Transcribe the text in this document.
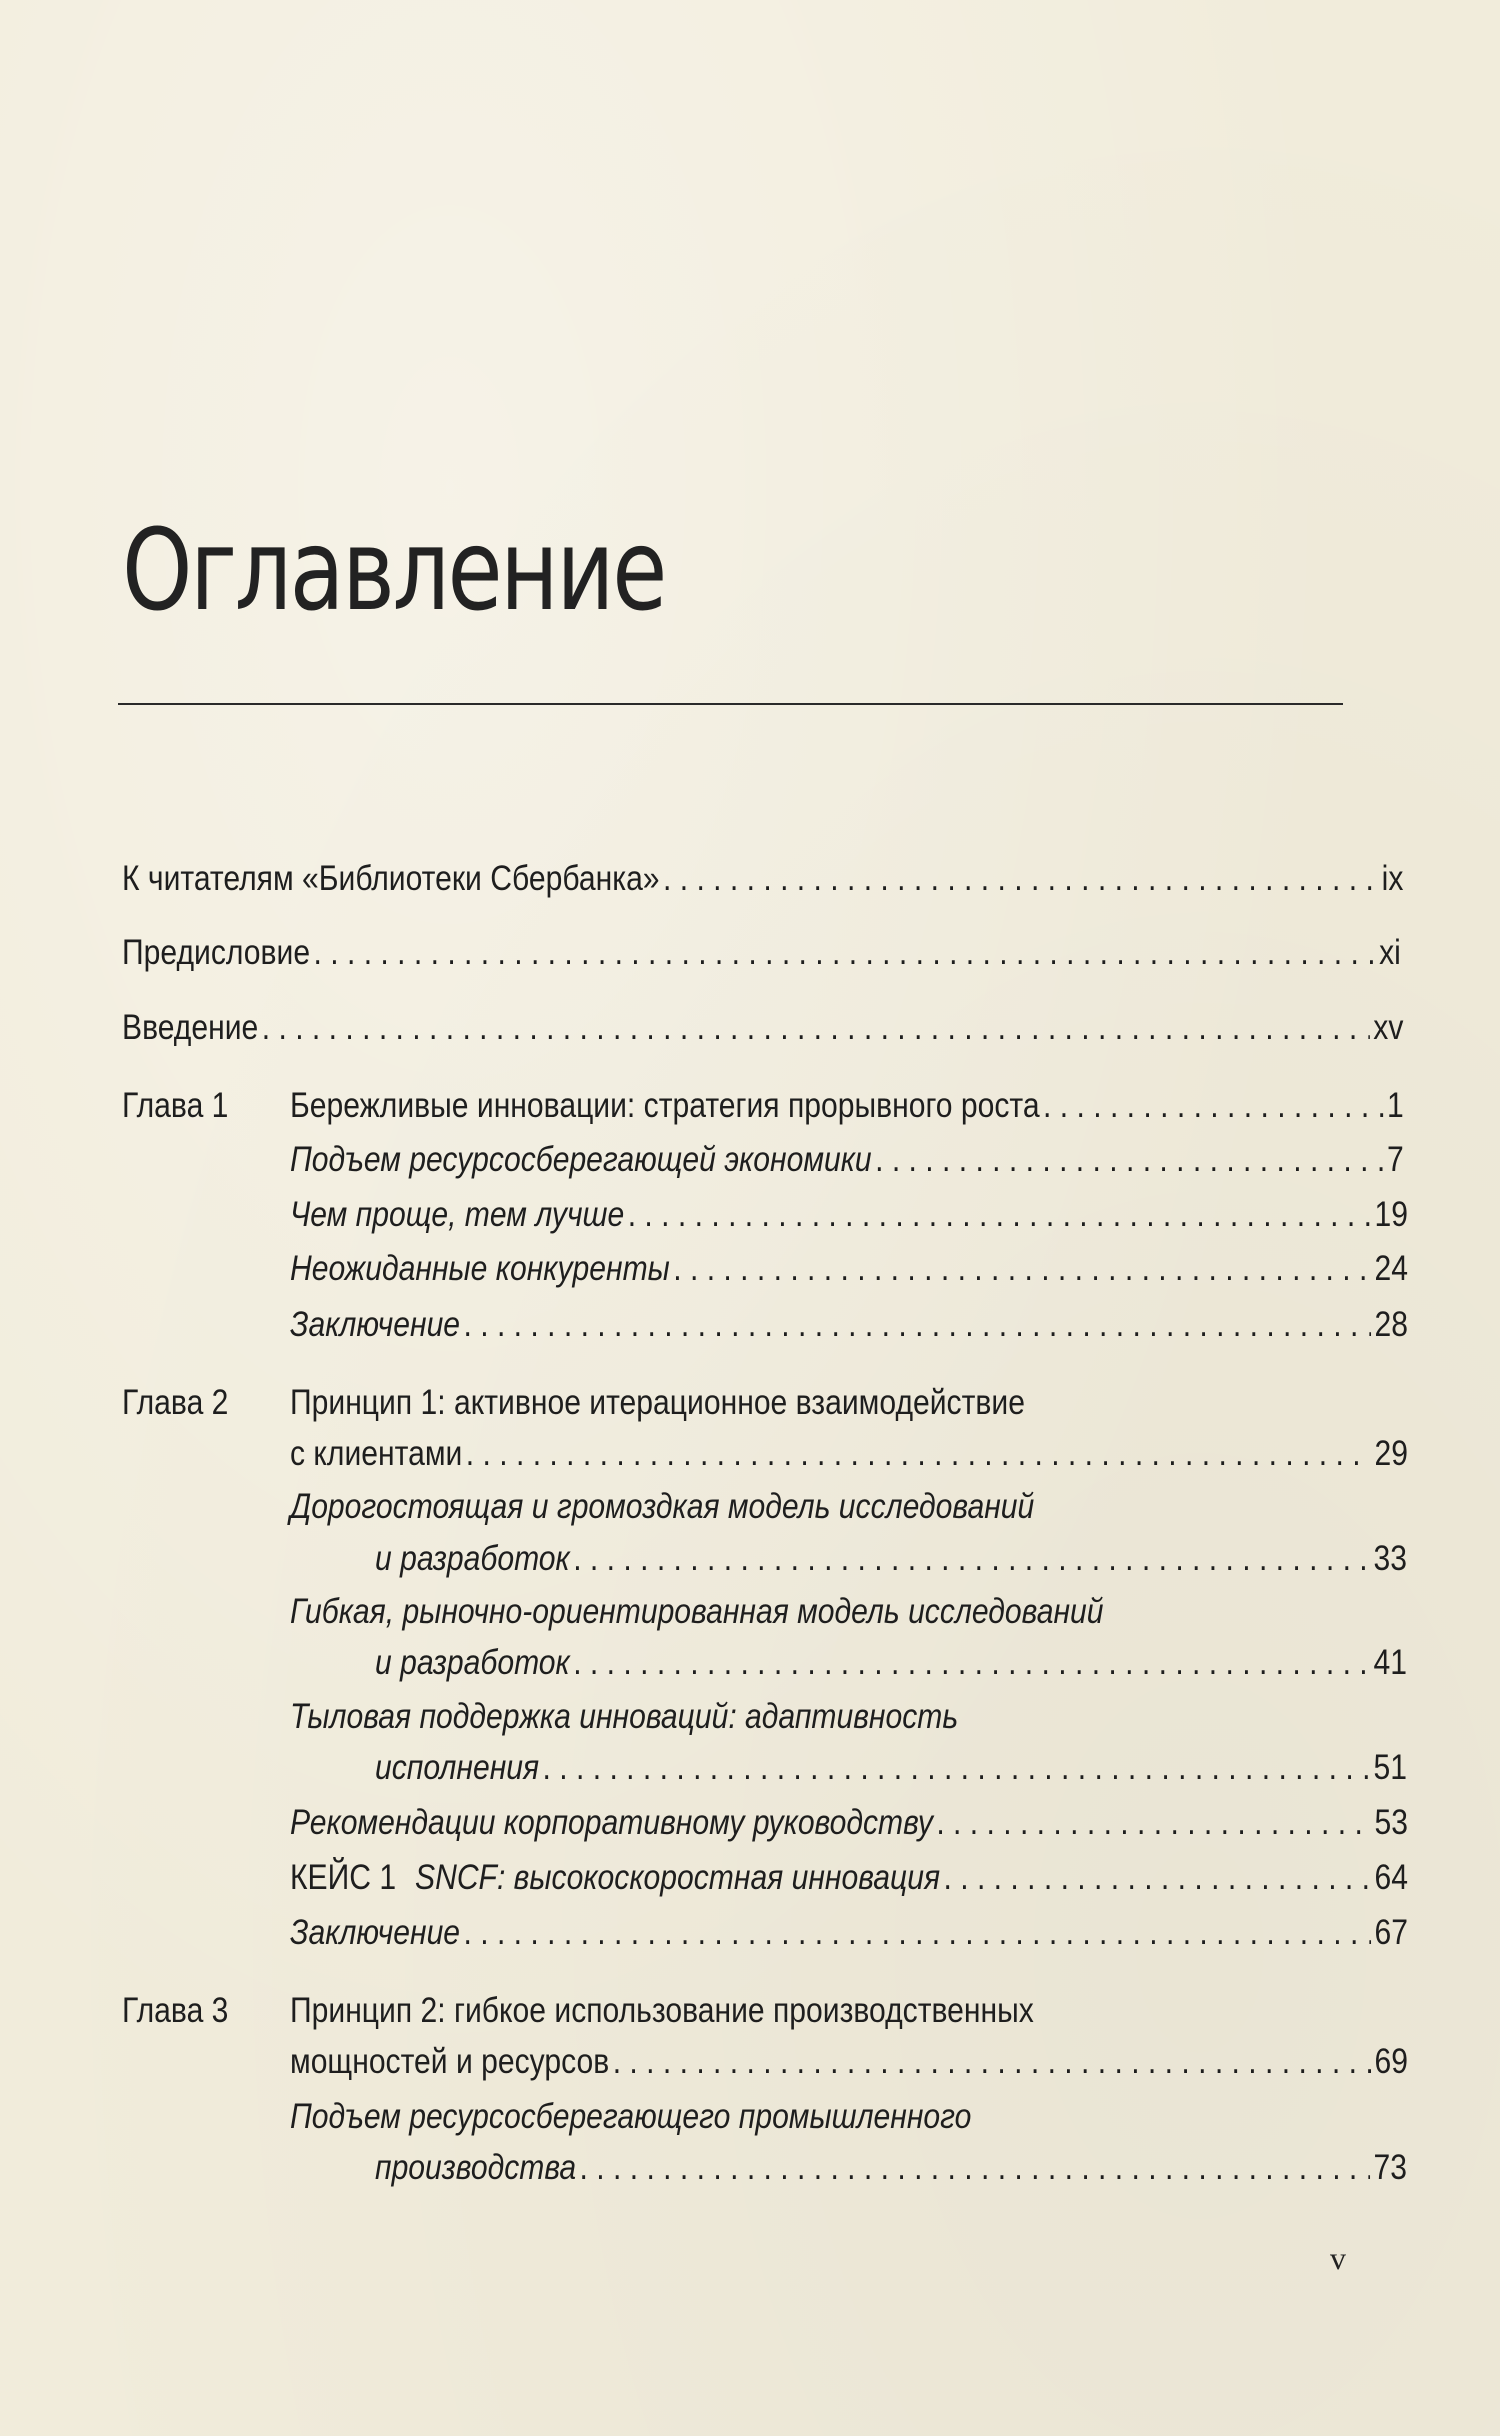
Оглавление
К читателям «Библиотеки Сбербанка» . . .	ix
Предисловие . . .	xi
Введение . . .	xv
Глава 1 Бережливые инновации: стратегия прорывного роста . . .	1
Подъем ресурсосберегающей экономики . . .	7
Чем проще, тем лучше . . .	19
Неожиданные конкуренты . . .	24
Заключение . . .	28
Глава 2 Принцип 1: активное итерационное взаимодействие
с клиентами . . .	29
Дорогостоящая и громоздкая модель исследований
и разработок . . .	33
Гибкая, рыночно-ориентированная модель исследований
и разработок . . .	41
Тыловая поддержка инноваций: адаптивность
исполнения . . .	51
Рекомендации корпоративному руководству . . .	53
КЕЙС 1 SNCF: высокоскоростная инновация . . .	64
Заключение . . .	67
Глава 3 Принцип 2: гибкое использование производственных
мощностей и ресурсов . . .	69
Подъем ресурсосберегающего промышленного
производства . . .	73
v
